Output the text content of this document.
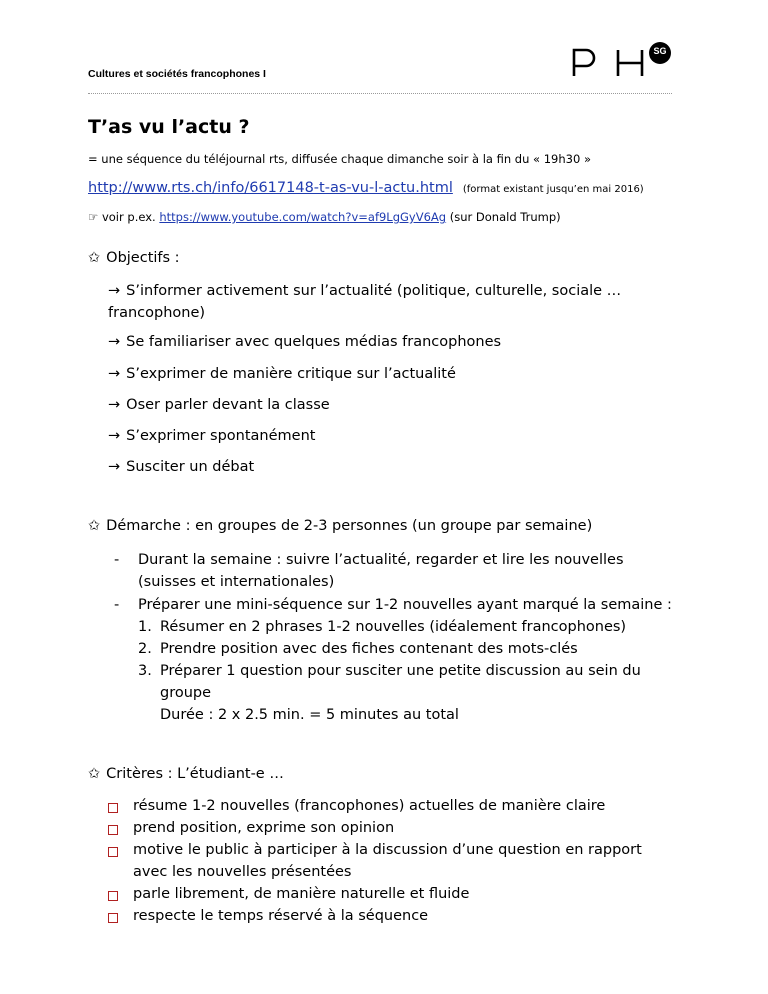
Cultures et sociétés francophones I
SG
T’as vu l’actu ?
= une séquence du téléjournal rts, diffusée chaque dimanche soir à la fin du « 19h30 »
http://www.rts.ch/info/6617148-t-as-vu-l-actu.html (format existant jusqu’en mai 2016)
☞ voir p.ex. https://www.youtube.com/watch?v=af9LgGyV6Ag (sur Donald Trump)
✩ Objectifs :
→ S’informer activement sur l’actualité (politique, culturelle, sociale …
francophone)
→ Se familiariser avec quelques médias francophones
→ S’exprimer de manière critique sur l’actualité
→ Oser parler devant la classe
→ S’exprimer spontanément
→ Susciter un débat
✩ Démarche : en groupes de 2-3 personnes (un groupe par semaine)
- Durant la semaine : suivre l’actualité, regarder et lire les nouvelles
(suisses et internationales)
- Préparer une mini-séquence sur 1-2 nouvelles ayant marqué la semaine :
1. Résumer en 2 phrases 1-2 nouvelles (idéalement francophones)
2. Prendre position avec des fiches contenant des mots-clés
3. Préparer 1 question pour susciter une petite discussion au sein du
groupe
Durée : 2 x 2.5 min. = 5 minutes au total
✩ Critères : L’étudiant-e …
résume 1-2 nouvelles (francophones) actuelles de manière claire
prend position, exprime son opinion
motive le public à participer à la discussion d’une question en rapport
avec les nouvelles présentées
parle librement, de manière naturelle et fluide
respecte le temps réservé à la séquence
